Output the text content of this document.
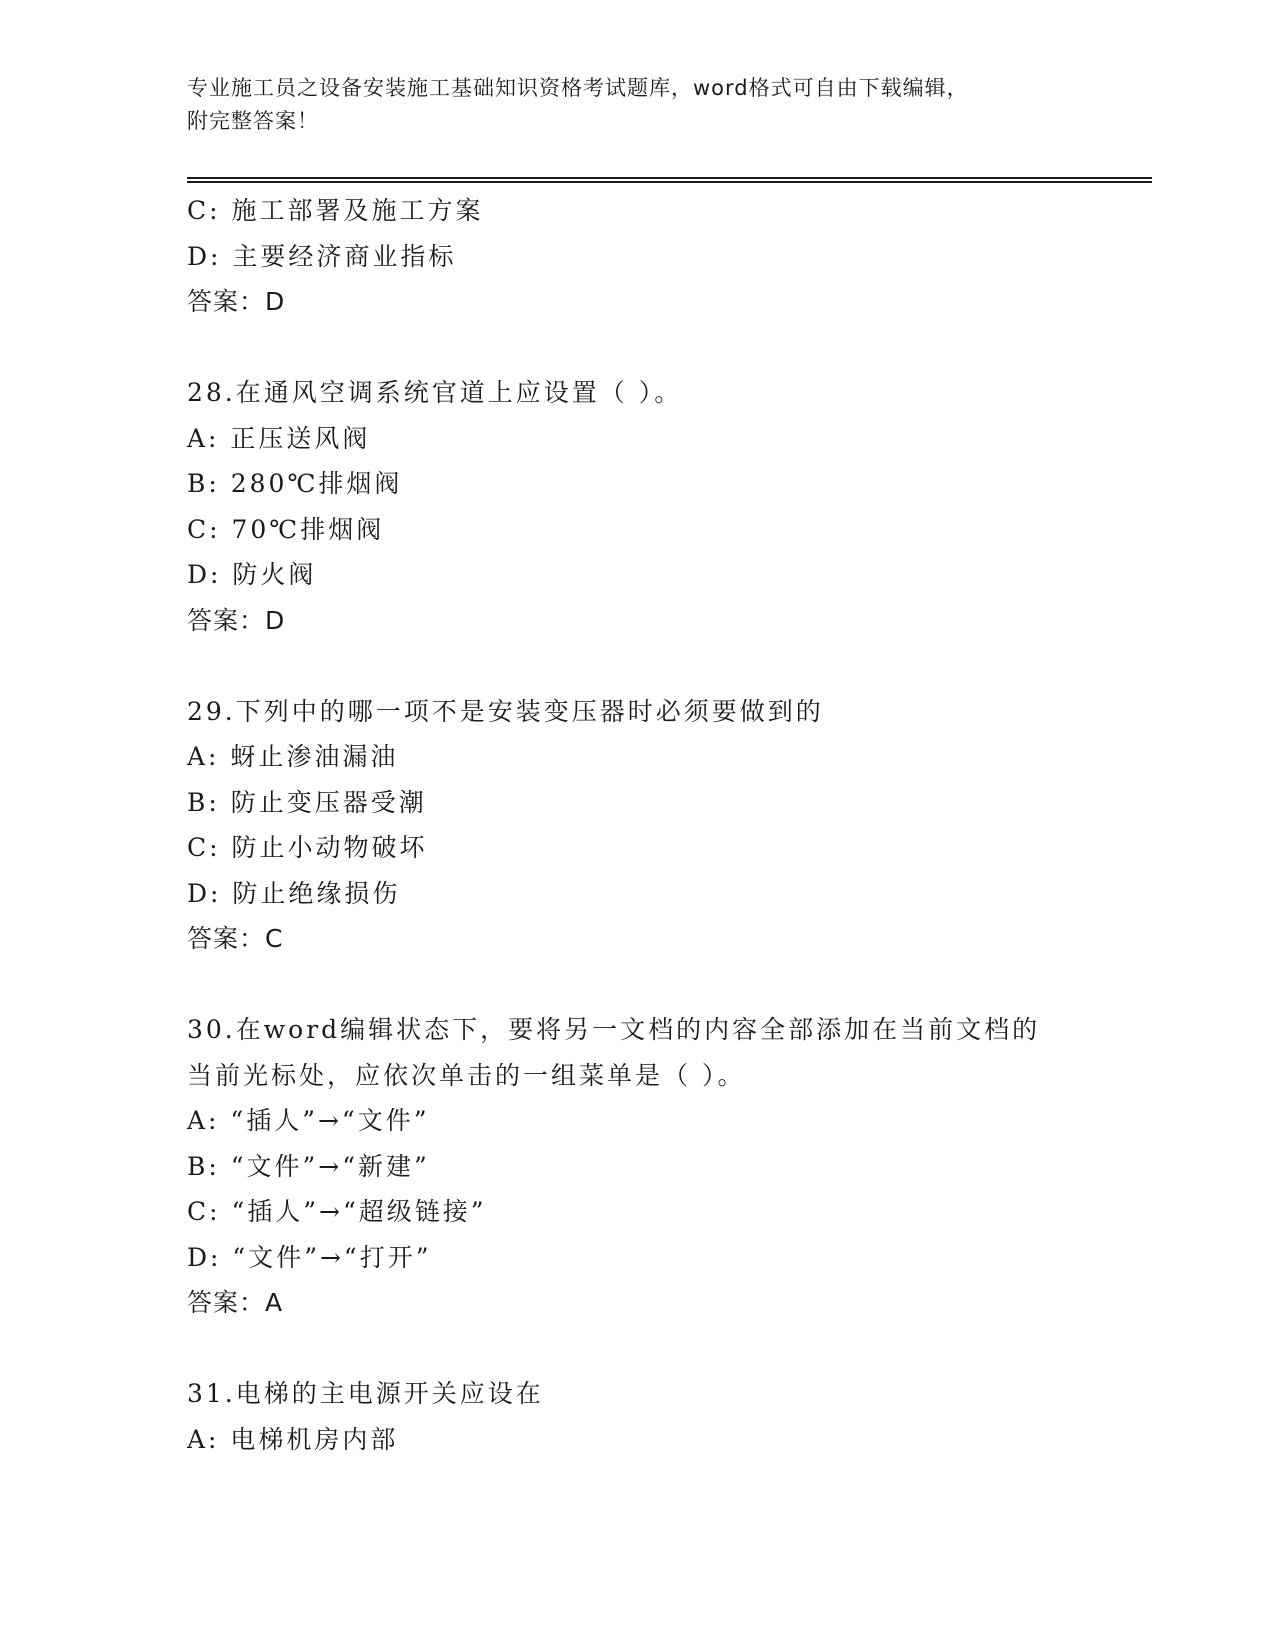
专业施工员之设备安装施工基础知识资格考试题库，word格式可自由下载编辑，
附完整答案！
C: 施工部署及施工方案
D: 主要经济商业指标
答案：D
28.在通风空调系统官道上应设置（ ）。
A: 正压送风阀
B: 280℃排烟阀
C: 70℃排烟阀
D: 防火阀
答案：D
29.下列中的哪一项不是安装变压器时必须要做到的
A: 蚜止渗油漏油
B: 防止变压器受潮
C: 防止小动物破坏
D: 防止绝缘损伤
答案：C
30.在word编辑状态下，要将另一文档的内容全部添加在当前文档的
当前光标处，应依次单击的一组菜单是（ ）。
A: “插人”→“文件”
B: “文件”→“新建”
C: “插人”→“超级链接”
D: “文件”→“打开”
答案：A
31.电梯的主电源开关应设在
A: 电梯机房内部
